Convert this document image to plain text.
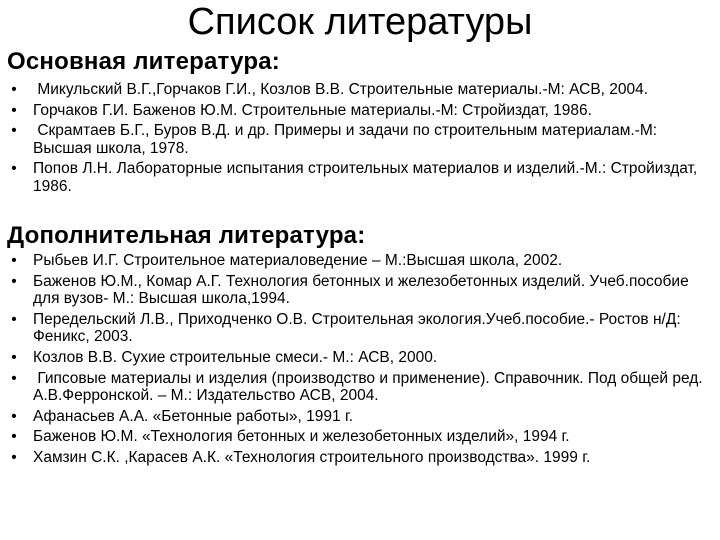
Список литературы
Основная литература:
• Микульский В.Г.,Горчаков Г.И., Козлов В.В. Строительные материалы.-М: АСВ, 2004.
• Горчаков Г.И. Баженов Ю.М. Строительные материалы.-М: Стройиздат, 1986.
• Скрамтаев Б.Г., Буров В.Д. и др. Примеры и задачи по строительным материалам.-М: Высшая школа, 1978.
• Попов Л.Н. Лабораторные испытания строительных материалов и изделий.-М.: Стройиздат, 1986.
Дополнительная литература:
• Рыбьев И.Г. Строительное материаловедение – М.:Высшая школа, 2002.
• Баженов Ю.М., Комар А.Г. Технология бетонных и железобетонных изделий. Учеб.пособие для вузов- М.: Высшая школа,1994.
• Передельский Л.В., Приходченко О.В. Строительная экология.Учеб.пособие.- Ростов н/Д: Феникс, 2003.
• Козлов В.В. Сухие строительные смеси.- М.: АСВ, 2000.
• Гипсовые материалы и изделия (производство и применение). Справочник. Под общей ред. А.В.Ферронской. – М.: Издательство АСВ, 2004.
• Афанасьев А.А. «Бетонные работы», 1991 г.
• Баженов Ю.М. «Технология бетонных и железобетонных изделий», 1994 г.
• Хамзин С.К. ,Карасев А.К. «Технология строительного производства». 1999 г.
